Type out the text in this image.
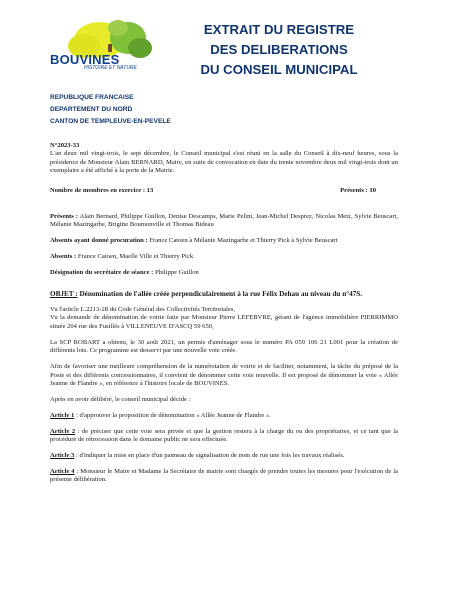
BOUVINES
HISTOIRE ET NATURE
EXTRAIT DU REGISTRE
DES DELIBERATIONS
DU CONSEIL MUNICIPAL
REPUBLIQUE FRANCAISE
DEPARTEMENT DU NORD
CANTON DE TEMPLEUVE-EN-PEVELE

N°2023-33

L'an deux mil vingt-trois, le sept décembre, le Conseil municipal s'est réuni en la salle du Conseil à dix-neuf heures, sous la présidence de Monsieur Alain BERNARD, Maire, en suite de convocation en date du trente novembre deux mil vingt-trois dont un exemplaire a été affiché à la porte de la Mairie.

Nombre de membres en exercice : 13	Présents : 10

Présents : Alain Bernard, Philippe Guillon, Denise Descamps, Marie Pelini, Jean-Michel Desprez, Nicolas Metz, Sylvie Beuscart, Mélanie Mazingarbe, Brigitte Boumonville et Thomas Bideau

Absents ayant donné procuration : France Catoen à Mélanie Mazingarbe et Thierry Pick à Sylvie Beuscart

Absents : France Catoen, Maelle Ville et Thierry Pick

Désignation du secrétaire de séance : Philippe Guillon

OBJET : Dénomination de l'allée créée perpendiculairement à la rue Félix Dehau au niveau du n°47S.

Vu l'article L.2213-28 du Code Général des Collectivités Territoriales,

Vu la demande de dénomination de voirie faite par Monsieur Pierre LEFEBVRE, gérant de l'agence immobilière PIERRIMMO située 204 rue des Fusillés à VILLENEUVE D'ASCQ 59 650,

La SCP ROBART a obtenu, le 30 août 2021, un permis d'aménager sous le numéro PA 059 106 21 L001 pour la création de différents lots. Ce programme est desservi par une nouvelle voie créée.

Afin de favoriser une meilleure compréhension de la numérotation de voirie et de faciliter, notamment, la tâche du préposé de la Poste et des différents concessionnaires, il convient de dénommer cette voie nouvelle. Il est proposé de dénommer la voie « Allée Jeanne de Flandre », en référence à l'histoire locale de BOUVINES.

Après en avoir délibéré, le conseil municipal décide :

Article 1 : d'approuver la proposition de dénomination « Allée Jeanne de Flandre ».

Article 2 : de préciser que cette voie sera privée et que la gestion restera à la charge du ou des propriétaires, et ce tant que la procédure de rétrocession dans le domaine public ne sera effectuée.

Article 3 : d'indiquer la mise en place d'un panneau de signalisation de nom de rue une fois les travaux réalisés.

Article 4 : Monsieur le Maire et Madame la Secrétaire de mairie sont chargés de prendre toutes les mesures pour l'exécution de la présente délibération.
